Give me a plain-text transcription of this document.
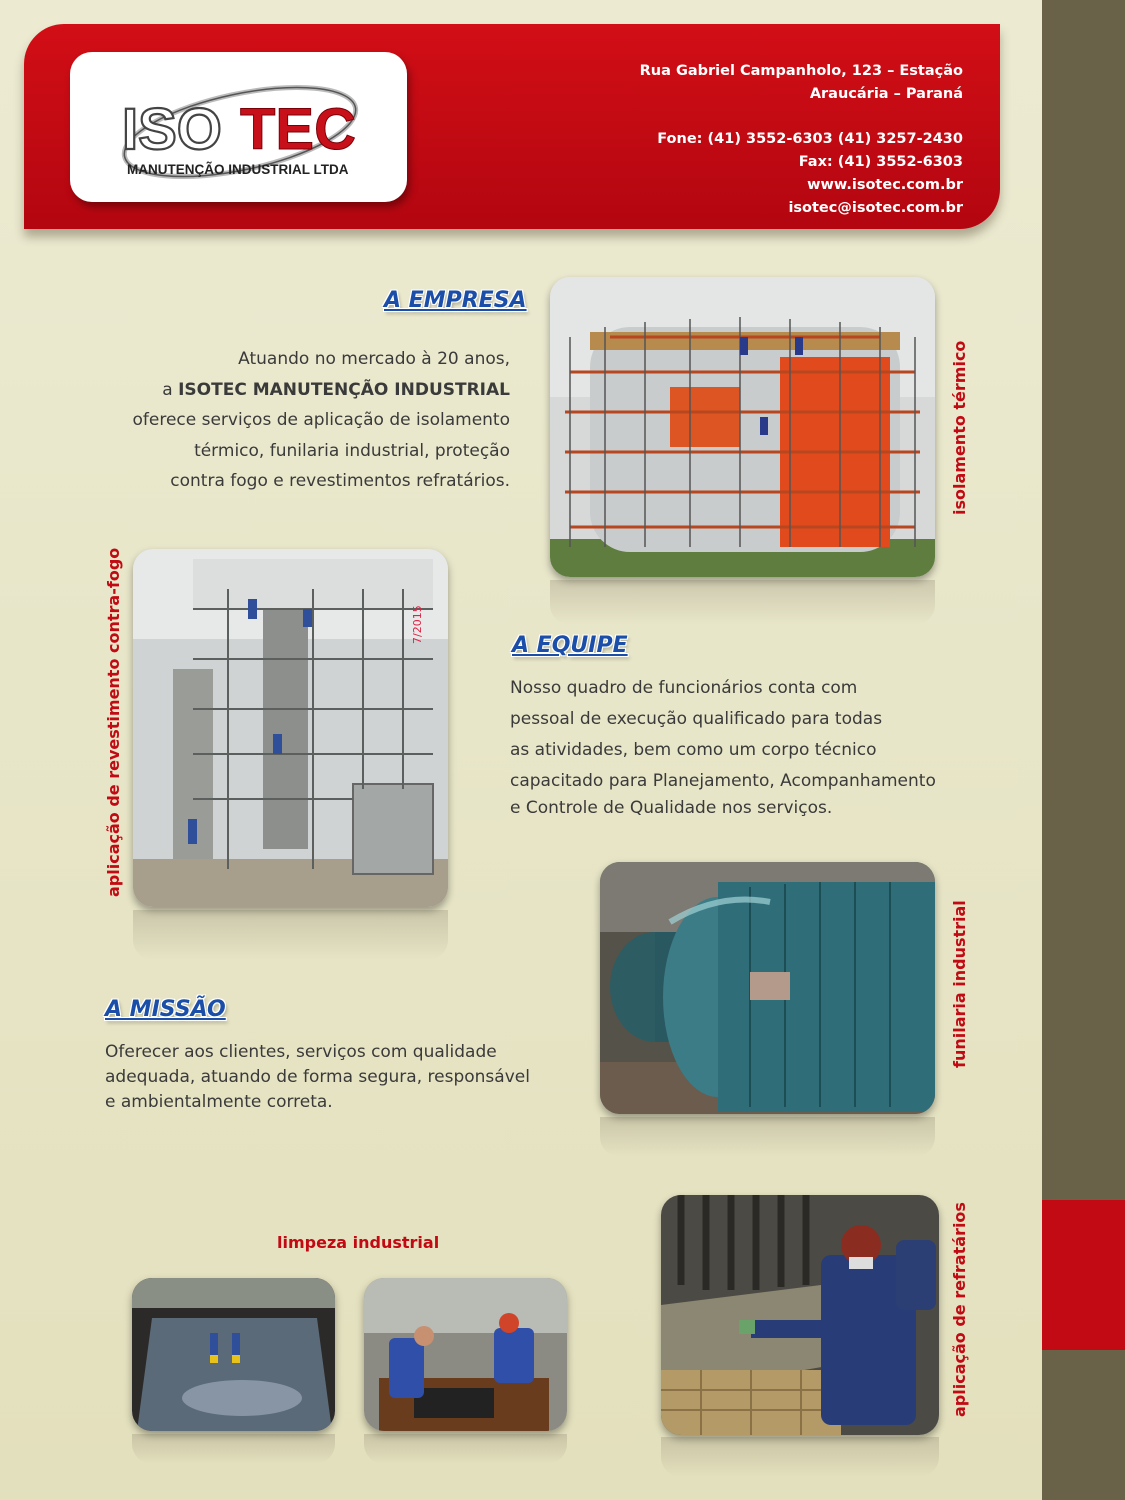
ISO TEC
MANUTENÇÃO INDUSTRIAL LTDA
Rua Gabriel Campanholo, 123 – Estação
Araucária – Paraná
Fone: (41) 3552-6303 (41) 3257-2430
Fax: (41) 3552-6303
www.isotec.com.br
isotec@isotec.com.br
A EMPRESA

Atuando no mercado à 20 anos,

a ISOTEC MANUTENÇÃO INDUSTRIAL

oferece serviços de aplicação de isolamento

térmico, funilaria industrial, proteção

contra fogo e revestimentos refratários.	isolamento térmico
aplicação de revestimento contra-fogo	7/2015
A EQUIPE

Nosso quadro de funcionários conta com

pessoal de execução qualificado para todas

as atividades, bem como um corpo técnico

capacitado para Planejamento, Acompanhamento

e Controle de Qualidade nos serviços.

funilaria industrial
A MISSÃO

Oferecer aos clientes, serviços com qualidade

adequada, atuando de forma segura, responsável

e ambientalmente correta.

limpeza industrial	aplicação de refratários
